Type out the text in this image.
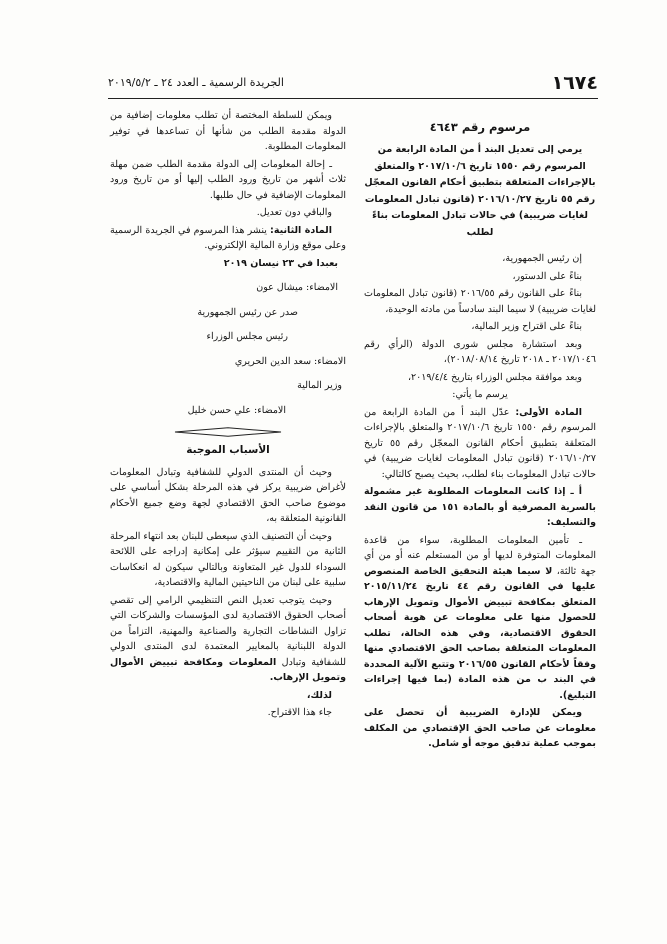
١٦٧٤
الجريدة الرسمية ـ العدد ٢٤ ـ ٢٠١٩/٥/٢

مرسوم رقم ٤٦٤٣

يرمي إلى تعديل البند أ من المادة الرابعة من المرسوم رقم ١٥٥٠ تاريخ ٢٠١٧/١٠/٦ والمتعلق بالإجراءات المتعلقة بتطبيق أحكام القانون المعجّل رقم ٥٥ تاريخ ٢٠١٦/١٠/٢٧ (قانون تبادل المعلومات لغايات ضريبية) في حالات تبادل المعلومات بناءً لطلب

إن رئيس الجمهورية،

بناءً على الدستور،

بناءً على القانون رقم ٢٠١٦/٥٥ (قانون تبادل المعلومات لغايات ضريبية) لا سيما البند سادساً من مادته الوحيدة،

بناءً على اقتراح وزير المالية،

وبعد استشارة مجلس شورى الدولة (الرأي رقم ٢٠١٧/١٠٤٦ ـ ٢٠١٨ تاريخ ٢٠١٨/٠٨/١٤)،

وبعد موافقة مجلس الوزراء بتاريخ ٢٠١٩/٤/٤،

يرسم ما يأتي:

المادة الأولى: عدّل البند أ من المادة الرابعة من المرسوم رقم ١٥٥٠ تاريخ ٢٠١٧/١٠/٦ والمتعلق بالإجراءات المتعلقة بتطبيق أحكام القانون المعجّل رقم ٥٥ تاريخ ٢٠١٦/١٠/٢٧ (قانون تبادل المعلومات لغايات ضريبية) في حالات تبادل المعلومات بناء لطلب، بحيث يصبح كالتالي:

أ ـ إذا كانت المعلومات المطلوبة غير مشمولة بالسرية المصرفية أو بالمادة ١٥١ من قانون النقد والتسليف:

ـ تأمين المعلومات المطلوبة، سواء من قاعدة المعلومات المتوفرة لديها أو من المستعلم عنه أو من أي جهة ثالثة، لا سيما هيئة التحقيق الخاصة المنصوص عليها في القانون رقم ٤٤ تاريخ ٢٠١٥/١١/٢٤ المتعلق بمكافحة تبييض الأموال وتمويل الإرهاب للحصول منها على معلومات عن هوية أصحاب الحقوق الاقتصادية، وفي هذه الحالة، تطلب المعلومات المتعلقة بصاحب الحق الاقتصادي منها وفقاً لأحكام القانون ٢٠١٦/٥٥ وتتبع الآلية المحددة في البند ب من هذه المادة (بما فيها إجراءات التبليغ).

ويمكن للإدارة الضريبية أن تحصل على معلومات عن صاحب الحق الإقتصادي من المكلف بموجب عملية تدقيق موجه أو شامل.

ويمكن للسلطة المختصة أن تطلب معلومات إضافية من الدولة مقدمة الطلب من شأنها أن تساعدها في توفير المعلومات المطلوبة.

ـ إحالة المعلومات إلى الدولة مقدمة الطلب ضمن مهلة ثلاث أشهر من تاريخ ورود الطلب إليها أو من تاريخ ورود المعلومات الإضافية في حال طلبها.

والباقي دون تعديل.

المادة الثانية: ينشر هذا المرسوم في الجريدة الرسمية وعلى موقع وزارة المالية الإلكتروني.

بعبدا في ٢٣ نيسان ٢٠١٩

الامضاء: ميشال عون

صدر عن رئيس الجمهورية

رئيس مجلس الوزراء

الامضاء: سعد الدين الحريري

وزير المالية

الامضاء: علي حسن خليل

الأسباب الموجبة

وحيث أن المنتدى الدولي للشفافية وتبادل المعلومات لأغراض ضريبية يركز في هذه المرحلة بشكل أساسي على موضوع صاحب الحق الاقتصادي لجهة وضع جميع الأحكام القانونية المتعلقة به،

وحيث أن التصنيف الذي سيعطى للبنان بعد انتهاء المرحلة الثانية من التقييم سيؤثر على إمكانية إدراجه على اللائحة السوداء للدول غير المتعاونة وبالتالي سيكون له انعكاسات سلبية على لبنان من الناحيتين المالية والاقتصادية،

وحيث يتوجب تعديل النص التنظيمي الرامي إلى تقصي أصحاب الحقوق الاقتصادية لدى المؤسسات والشركات التي تزاول النشاطات التجارية والصناعية والمهنية، التزاماً من الدولة اللبنانية بالمعايير المعتمدة لدى المنتدى الدولي للشفافية وتبادل المعلومات ومكافحة تبييض الأموال وتمويل الإرهاب.

لذلك،

جاء هذا الاقتراح.
